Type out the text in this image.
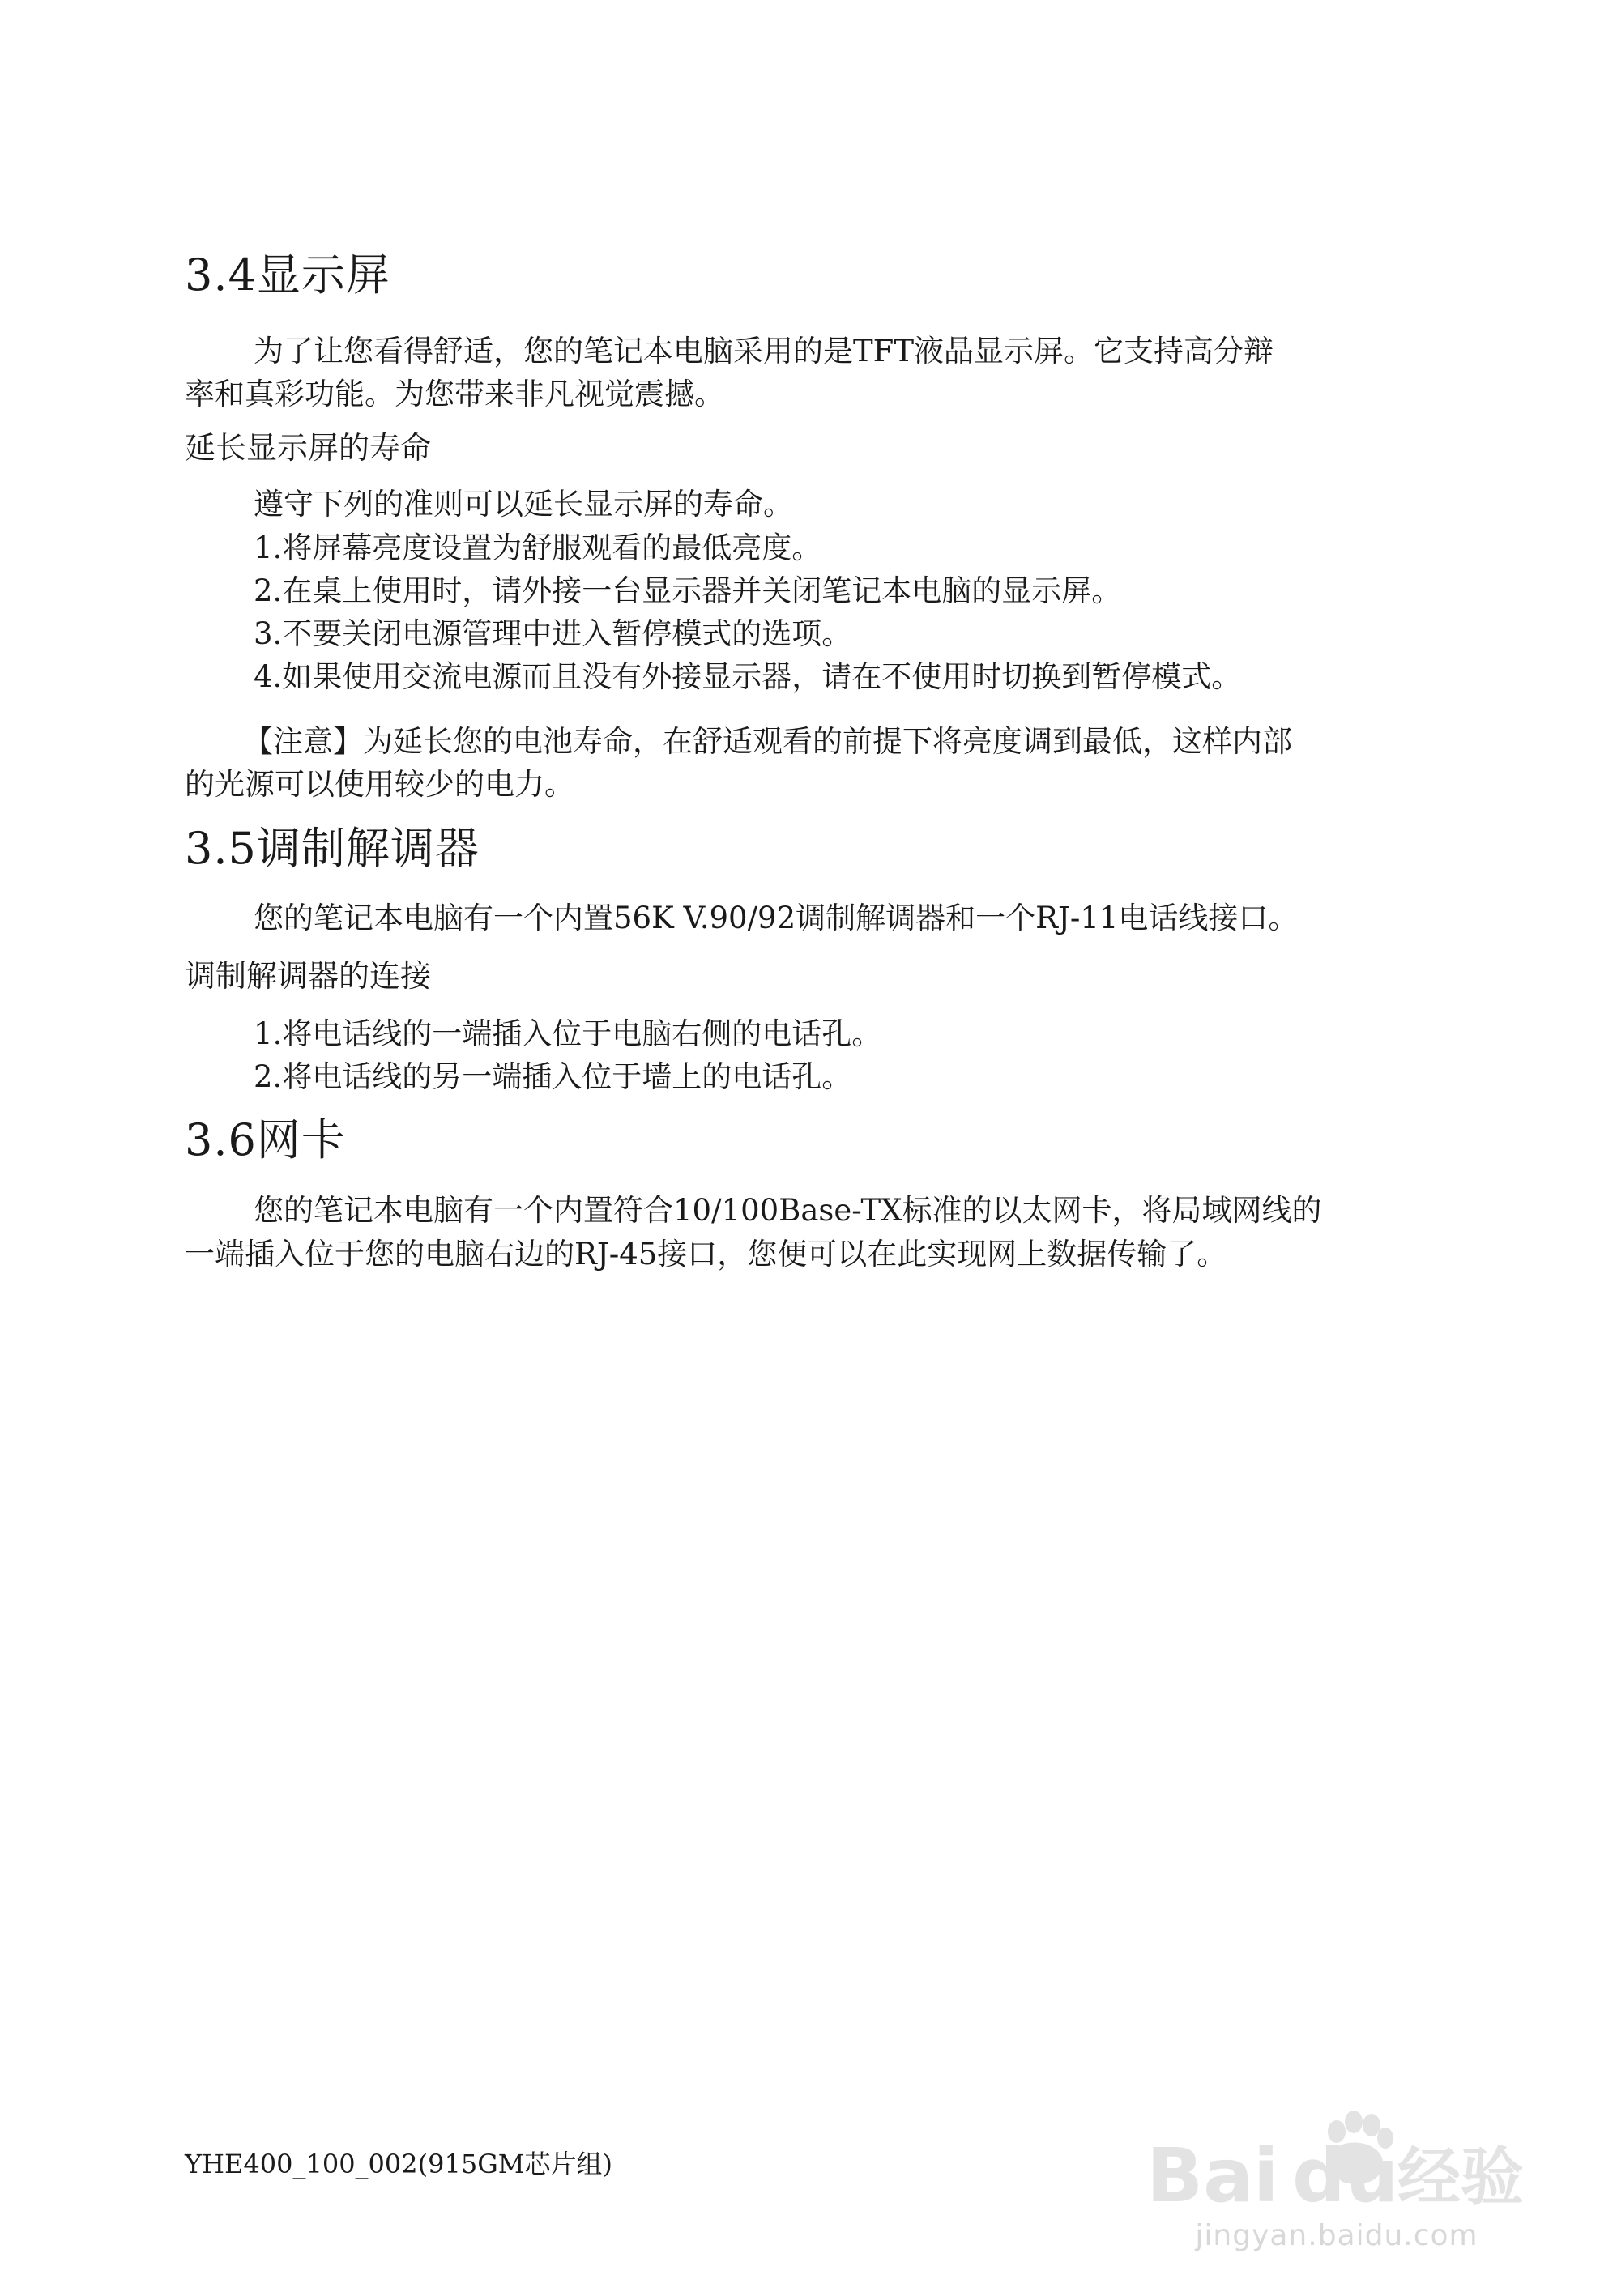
3.4显示屏
为了让您看得舒适，您的笔记本电脑采用的是TFT液晶显示屏。它支持高分辩
率和真彩功能。为您带来非凡视觉震撼。
延长显示屏的寿命
遵守下列的准则可以延长显示屏的寿命。
1.将屏幕亮度设置为舒服观看的最低亮度。
2.在桌上使用时，请外接一台显示器并关闭笔记本电脑的显示屏。
3.不要关闭电源管理中进入暂停模式的选项。
4.如果使用交流电源而且没有外接显示器，请在不使用时切换到暂停模式。
【注意】为延长您的电池寿命，在舒适观看的前提下将亮度调到最低，这样内部
的光源可以使用较少的电力。
3.5调制解调器
您的笔记本电脑有一个内置56K V.90/92调制解调器和一个RJ-11电话线接口。
调制解调器的连接
1.将电话线的一端插入位于电脑右侧的电话孔。
2.将电话线的另一端插入位于墙上的电话孔。
3.6网卡
您的笔记本电脑有一个内置符合10/100Base-TX标准的以太网卡，将局域网线的
一端插入位于您的电脑右边的RJ-45接口，您便可以在此实现网上数据传输了。
YHE400_100_002(915GM芯片组)	Ba i du
经验
jingyan.baidu.com
